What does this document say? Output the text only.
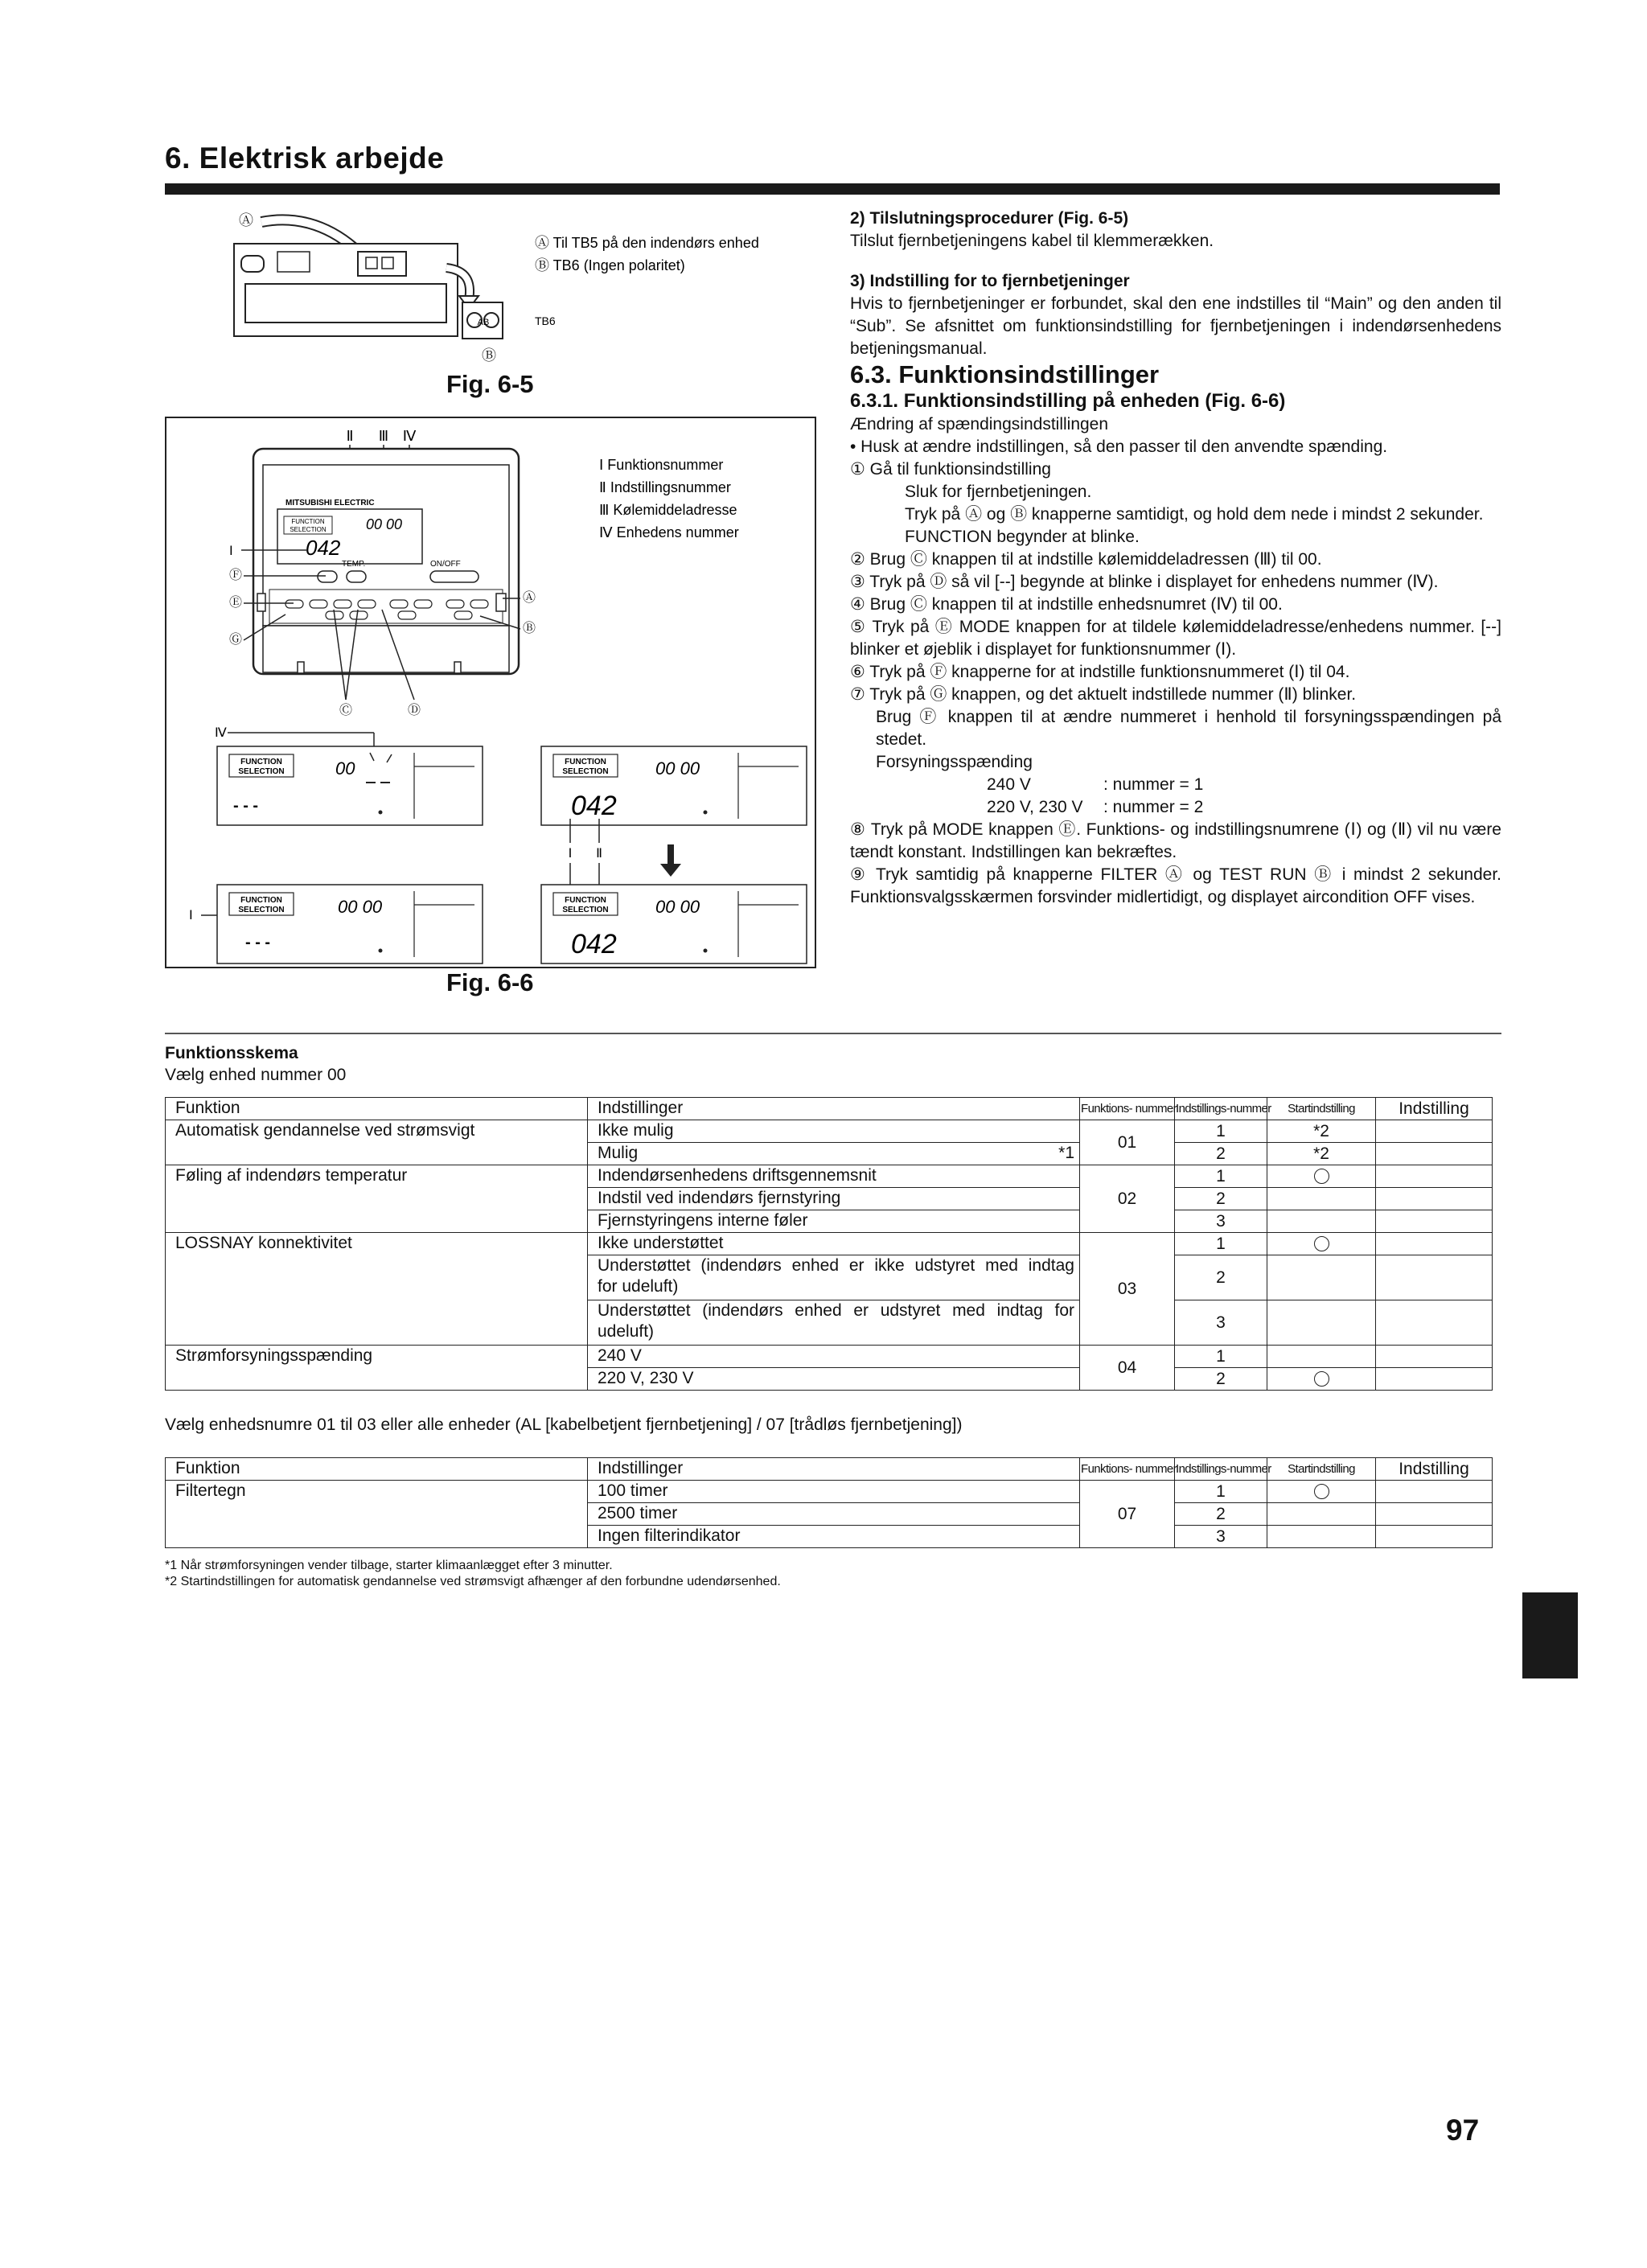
6. Elektrisk arbejde
Ⓐ
AB	TB6
Ⓑ
Ⓐ Til TB5 på den indendørs enhed
Ⓑ TB6 (Ingen polaritet)
Fig. 6-5
Ⅰ Funktionsnummer
Ⅱ Indstillingsnummer
Ⅲ Kølemiddeladresse
Ⅳ Enhedens nummer
Ⅱ Ⅲ Ⅳ
MITSUBISHI ELECTRIC
FUNCTION
SELECTION	00 00
042
TEMP.	ON/OFF
Ⅰ
Ⓕ
Ⓔ
Ⓖ
Ⓐ
Ⓑ
Ⓒ	Ⓓ
Ⅳ
FUNCTION
SELECTION	00
- - -
FUNCTION
SELECTION	00 00
042
Ⅰ Ⅱ
Ⅰ
FUNCTION
SELECTION	00 00
- - -
FUNCTION
SELECTION	00 00
042
Fig. 6-6

2) Tilslutningsprocedurer (Fig. 6-5)

Tilslut fjernbetjeningens kabel til klemmerækken.

3) Indstilling for to fjernbetjeninger

Hvis to fjernbetjeninger er forbundet, skal den ene indstilles til “Main” og den anden til “Sub”. Se afsnittet om funktionsindstilling for fjernbetjeningen i indendørsenhedens betjeningsmanual.

6.3. Funktionsindstillinger

6.3.1. Funktionsindstilling på enheden (Fig. 6-6)

Ændring af spændingsindstillingen

• Husk at ændre indstillingen, så den passer til den anvendte spænding.

① Gå til funktionsindstilling

Sluk for fjernbetjeningen.

Tryk på Ⓐ og Ⓑ knapperne samtidigt, og hold dem nede i mindst 2 sekunder.

FUNCTION begynder at blinke.

② Brug Ⓒ knappen til at indstille kølemiddeladressen (Ⅲ) til 00.

③ Tryk på Ⓓ så vil [--] begynde at blinke i displayet for enhedens nummer (Ⅳ).

④ Brug Ⓒ knappen til at indstille enhedsnumret (Ⅳ) til 00.

⑤ Tryk på Ⓔ MODE knappen for at tildele kølemiddeladresse/enhedens nummer. [--] blinker et øjeblik i displayet for funktionsnummer (Ⅰ).

⑥ Tryk på Ⓕ knapperne for at indstille funktionsnummeret (Ⅰ) til 04.

⑦ Tryk på Ⓖ knappen, og det aktuelt indstillede nummer (Ⅱ) blinker.

Brug Ⓕ knappen til at ændre nummeret i henhold til forsyningsspændingen på stedet.

Forsyningsspænding

240 V	: nummer = 1
220 V, 230 V	: nummer = 2

⑧ Tryk på MODE knappen Ⓔ. Funktions- og indstillingsnumrene (Ⅰ) og (Ⅱ) vil nu være tændt konstant. Indstillingen kan bekræftes.

⑨ Tryk samtidig på knapperne FILTER Ⓐ og TEST RUN Ⓑ i mindst 2 sekunder. Funktionsvalgsskærmen forsvinder midlertidigt, og displayet aircondition OFF vises.

Funktionsskema
Vælg enhed nummer 00
Funktion	Indstillinger	Funktions- nummer	Indstillings-nummer	Startindstilling	Indstilling
Automatisk gendannelse ved strømsvigt	Ikke mulig	01	1	*2	

	Mulig *1		2	*2	
Føling af indendørs temperatur	Indendørsenhedens driftsgennemsnit	02	1		
	Indstil ved indendørs fjernstyring		2		
	Fjernstyringens interne føler		3		
LOSSNAY konnektivitet	Ikke understøttet	03	1		

	Understøttet (indendørs enhed er ikke udstyret med indtag
for udeluft)		2		

	Understøttet (indendørs enhed er udstyret med indtag for
udeluft)		3		
Strømforsyningsspænding	240 V	04	1		
	220 V, 230 V		2		
Vælg enhedsnumre 01 til 03 eller alle enheder (AL [kabelbetjent fjernbetjening] / 07 [trådløs fjernbetjening])
Funktion	Indstillinger	Funktions- nummer	Indstillings-nummer	Startindstilling	Indstilling
Filtertegn	100 timer	07	1		
	2500 timer		2		
	Ingen filterindikator		3		
*1 Når strømforsyningen vender tilbage, starter klimaanlægget efter 3 minutter.
*2 Startindstillingen for automatisk gendannelse ved strømsvigt afhænger af den forbundne udendørsenhed.
97
